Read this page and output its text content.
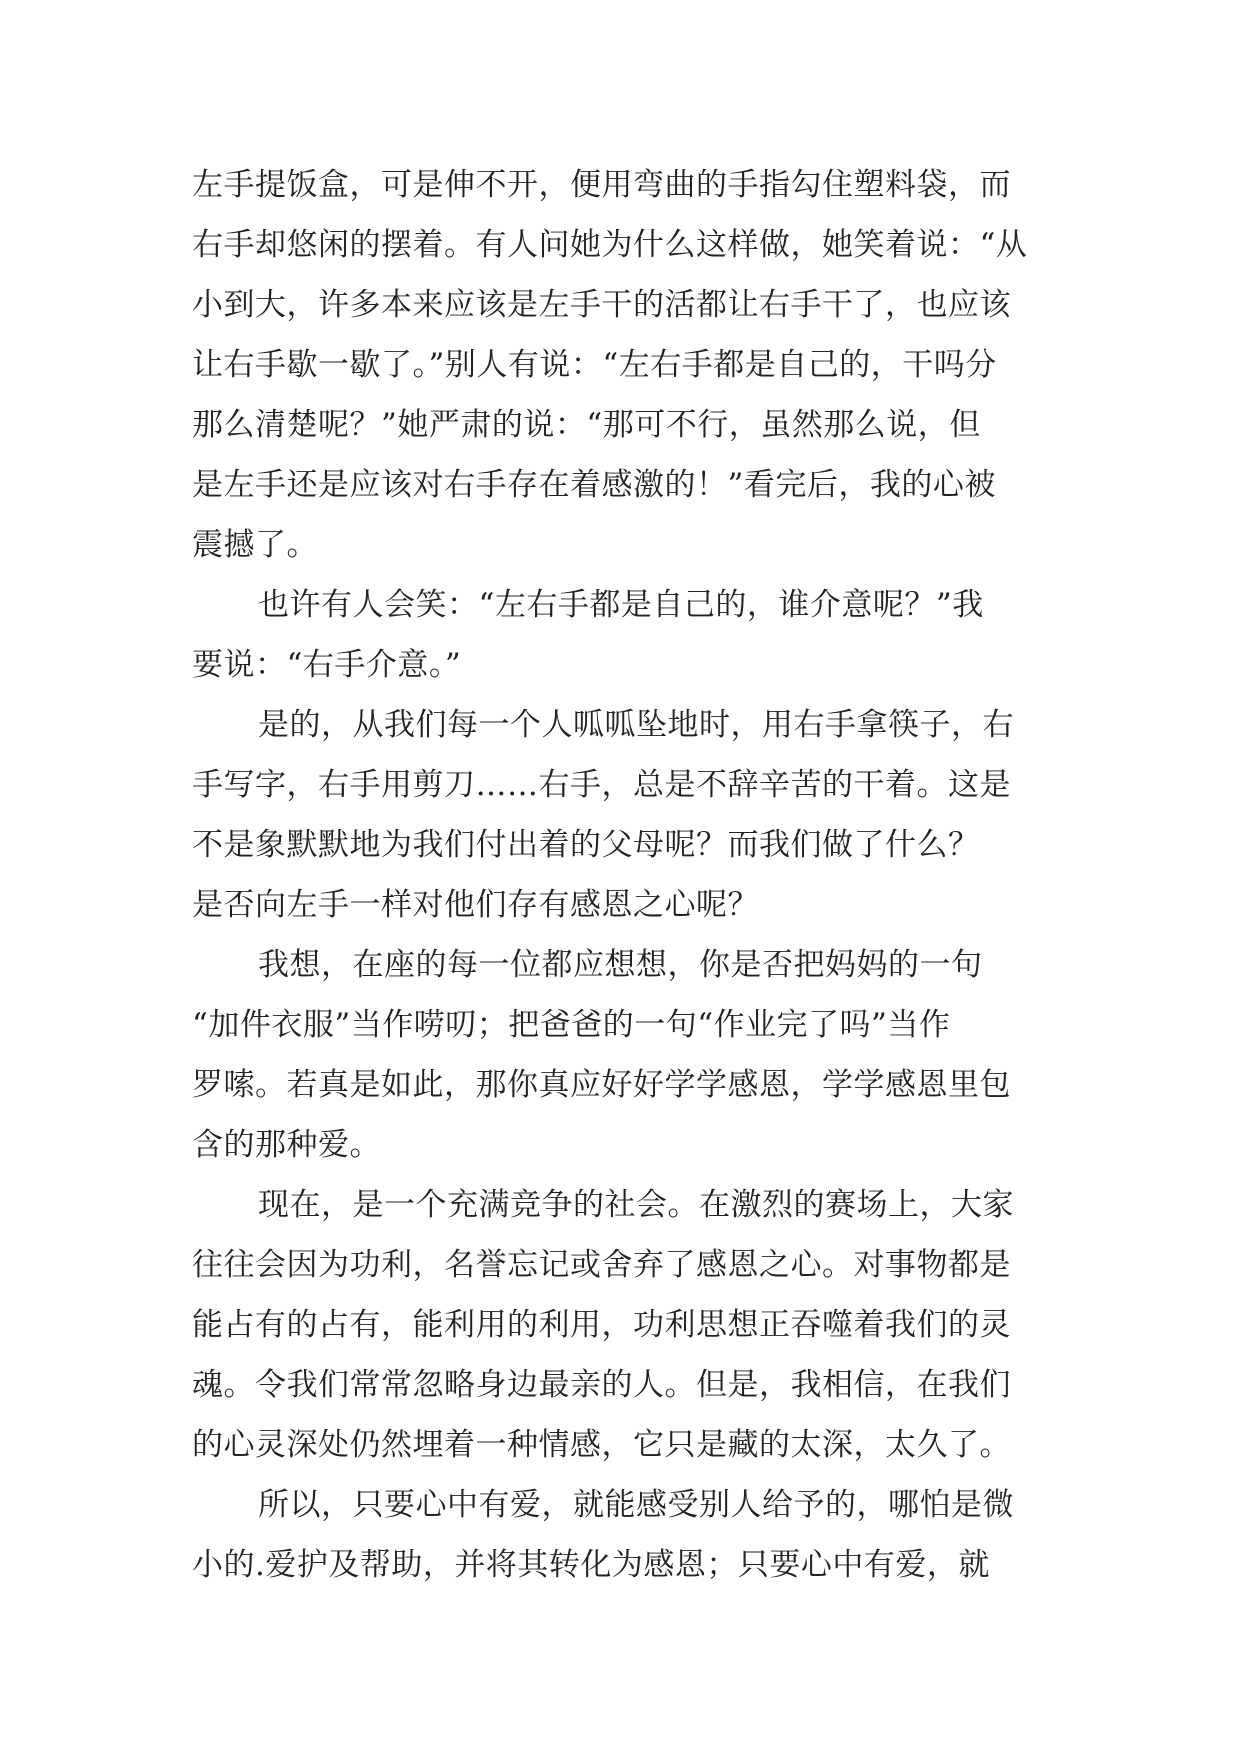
左手提饭盒，可是伸不开，便用弯曲的手指勾住塑料袋，而
右手却悠闲的摆着。有人问她为什么这样做，她笑着说：“从
小到大，许多本来应该是左手干的活都让右手干了，也应该
让右手歇一歇了。”别人有说：“左右手都是自己的，干吗分
那么清楚呢？”她严肃的说：“那可不行，虽然那么说，但
是左手还是应该对右手存在着感激的！”看完后，我的心被
震撼了。
也许有人会笑：“左右手都是自己的，谁介意呢？”我
要说：“右手介意。”
是的，从我们每一个人呱呱坠地时，用右手拿筷子，右
手写字，右手用剪刀……右手，总是不辞辛苦的干着。这是
不是象默默地为我们付出着的父母呢？而我们做了什么？
是否向左手一样对他们存有感恩之心呢？
我想，在座的每一位都应想想，你是否把妈妈的一句
“加件衣服”当作唠叨；把爸爸的一句“作业完了吗”当作
罗嗦。若真是如此，那你真应好好学学感恩，学学感恩里包
含的那种爱。
现在，是一个充满竞争的社会。在激烈的赛场上，大家
往往会因为功利，名誉忘记或舍弃了感恩之心。对事物都是
能占有的占有，能利用的利用，功利思想正吞噬着我们的灵
魂。令我们常常忽略身边最亲的人。但是，我相信，在我们
的心灵深处仍然埋着一种情感，它只是藏的太深，太久了。
所以，只要心中有爱，就能感受别人给予的，哪怕是微
小的.爱护及帮助，并将其转化为感恩；只要心中有爱，就
